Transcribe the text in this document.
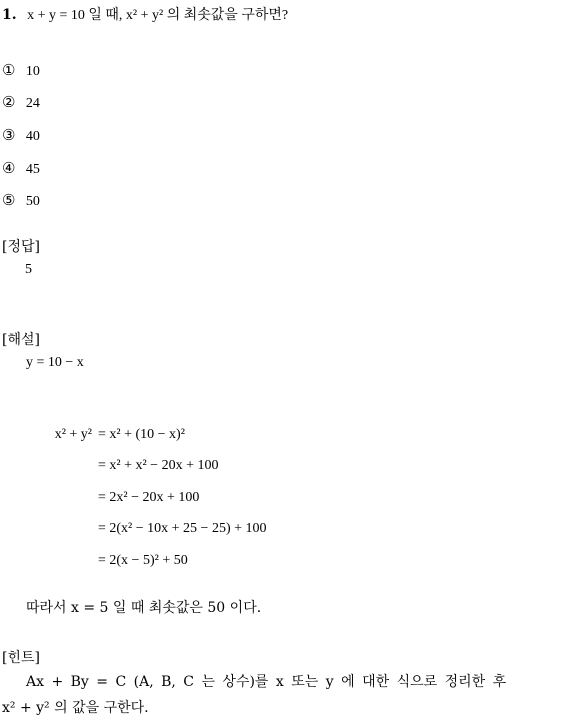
1. x + y = 10 일 때, x² + y² 의 최솟값을 구하면?
① 10
② 24
③ 40
④ 45
⑤ 50
[정답]
5
[해설]
y = 10 − x
x² + y² = x² + (10 − x)²
= x² + x² − 20x + 100
= 2x² − 20x + 100
= 2(x² − 10x + 25 − 25) + 100
= 2(x − 5)² + 50
따라서 x = 5 일 때 최솟값은 50 이다.
[힌트]
Ax + By = C (A, B, C 는 상수)를 x 또는 y 에 대한 식으로 정리한 후
x² + y² 의 값을 구한다.
